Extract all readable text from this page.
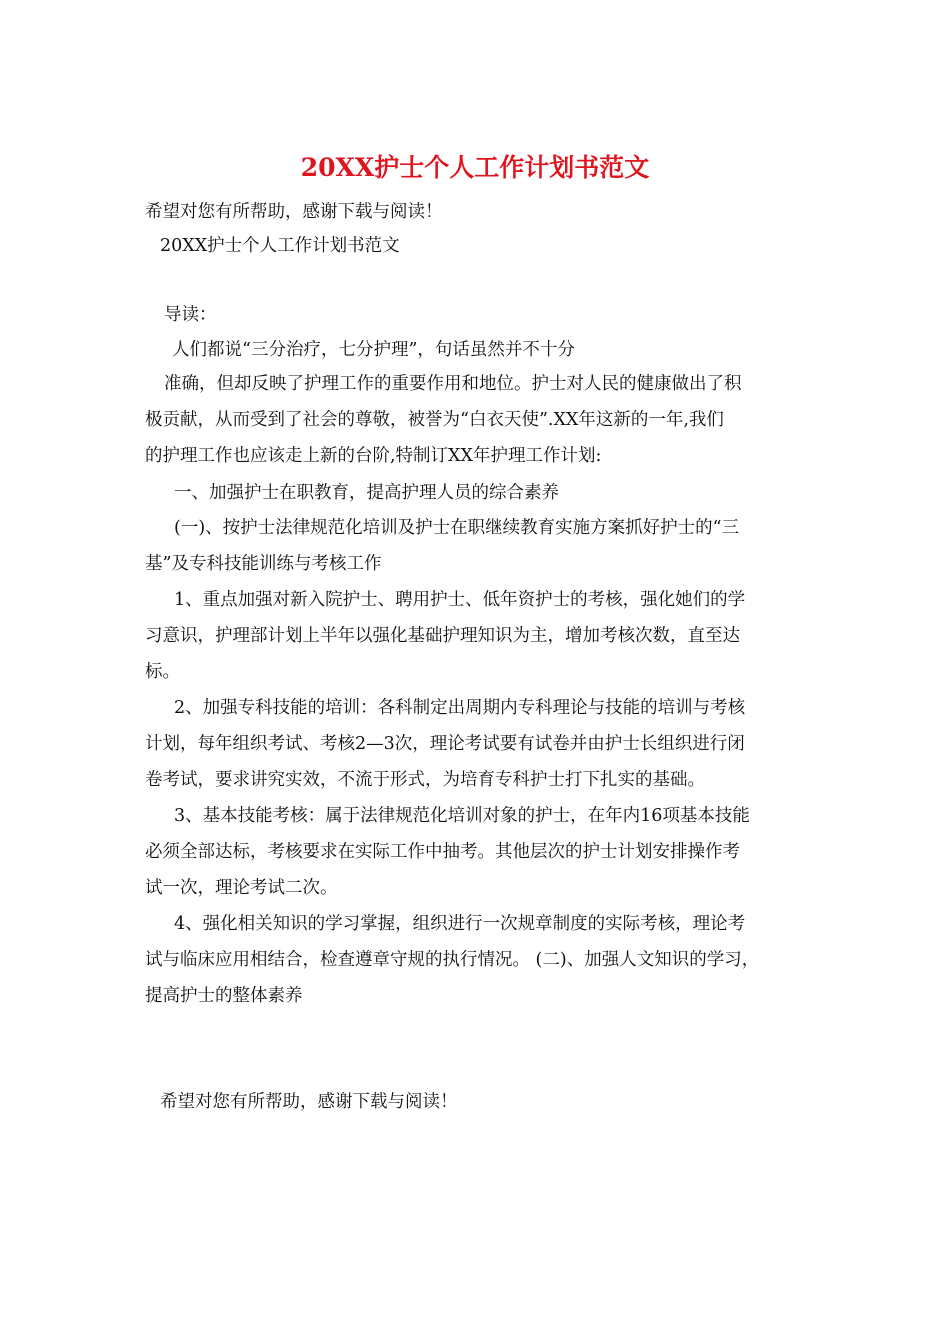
20XX护士个人工作计划书范文
希望对您有所帮助，感谢下载与阅读！
20XX护士个人工作计划书范文
导读：
人们都说“三分治疗，七分护理”，句话虽然并不十分
准确，但却反映了护理工作的重要作用和地位。护士对人民的健康做出了积
极贡献，从而受到了社会的尊敬，被誉为“白衣天使”.XX年这新的一年,我们
的护理工作也应该走上新的台阶,特制订XX年护理工作计划:
一、加强护士在职教育，提高护理人员的综合素养
(一)、按护士法律规范化培训及护士在职继续教育实施方案抓好护士的“三
基”及专科技能训练与考核工作
1、重点加强对新入院护士、聘用护士、低年资护士的考核，强化她们的学
习意识，护理部计划上半年以强化基础护理知识为主，增加考核次数，直至达
标。
2、加强专科技能的培训：各科制定出周期内专科理论与技能的培训与考核
计划，每年组织考试、考核2—3次，理论考试要有试卷并由护士长组织进行闭
卷考试，要求讲究实效，不流于形式，为培育专科护士打下扎实的基础。
3、基本技能考核：属于法律规范化培训对象的护士，在年内16项基本技能
必须全部达标，考核要求在实际工作中抽考。其他层次的护士计划安排操作考
试一次，理论考试二次。
4、强化相关知识的学习掌握，组织进行一次规章制度的实际考核，理论考
试与临床应用相结合，检查遵章守规的执行情况。 (二)、加强人文知识的学习，
提高护士的整体素养
希望对您有所帮助，感谢下载与阅读！
